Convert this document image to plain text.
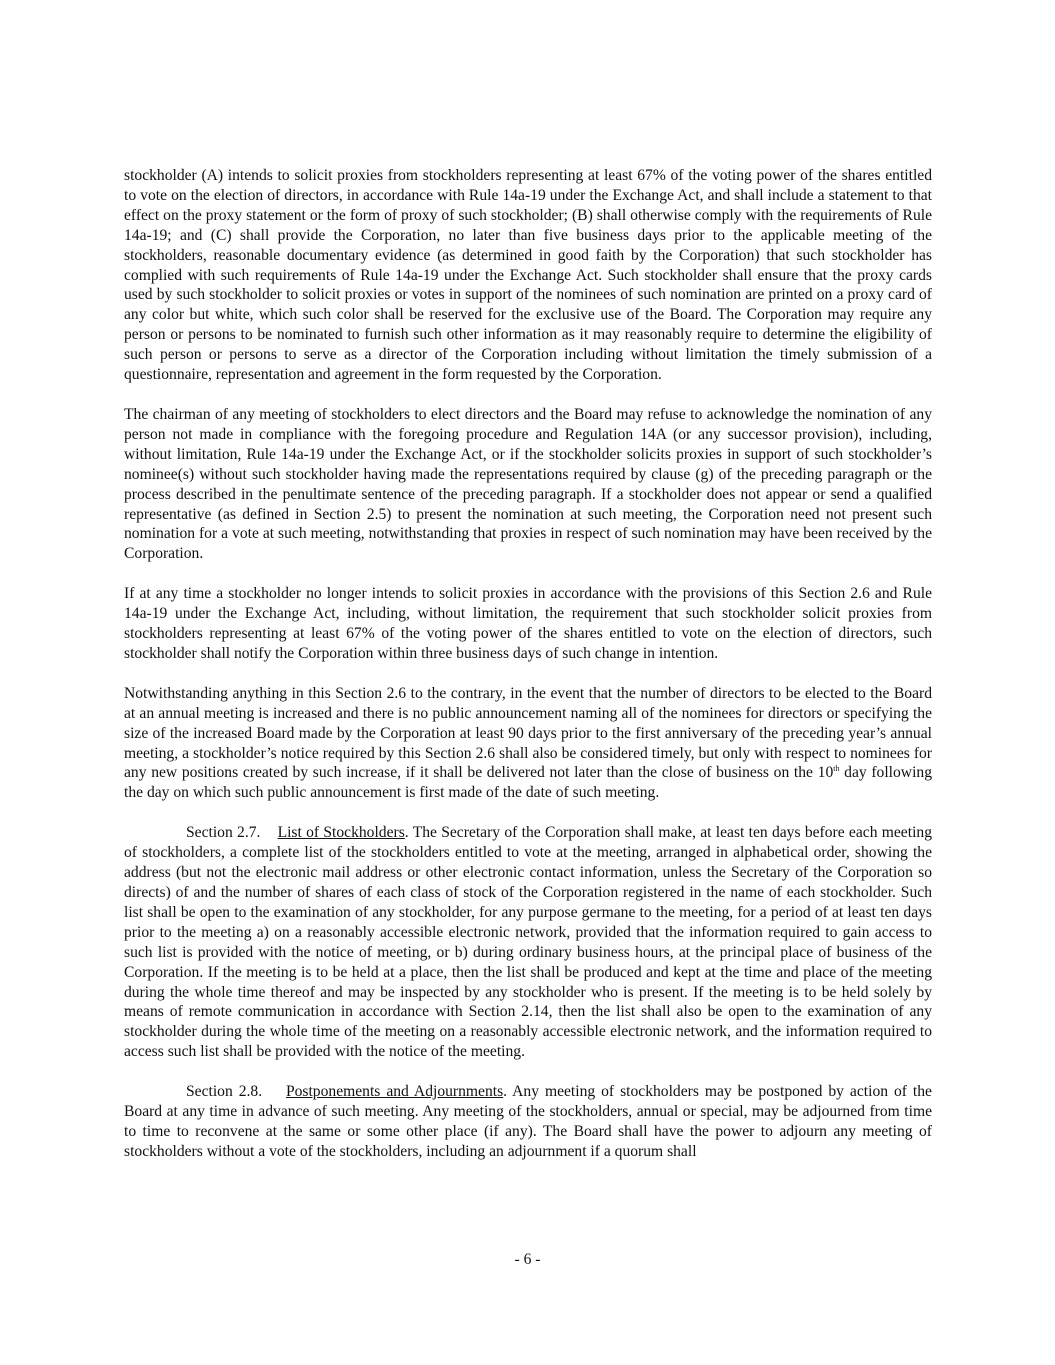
stockholder (A) intends to solicit proxies from stockholders representing at least 67% of the voting power of the shares entitled to vote on the election of directors, in accordance with Rule 14a-19 under the Exchange Act, and shall include a statement to that effect on the proxy statement or the form of proxy of such stockholder; (B) shall otherwise comply with the requirements of Rule 14a-19; and (C) shall provide the Corporation, no later than five business days prior to the applicable meeting of the stockholders, reasonable documentary evidence (as determined in good faith by the Corporation) that such stockholder has complied with such requirements of Rule 14a-19 under the Exchange Act. Such stockholder shall ensure that the proxy cards used by such stockholder to solicit proxies or votes in support of the nominees of such nomination are printed on a proxy card of any color but white, which such color shall be reserved for the exclusive use of the Board. The Corporation may require any person or persons to be nominated to furnish such other information as it may reasonably require to determine the eligibility of such person or persons to serve as a director of the Corporation including without limitation the timely submission of a questionnaire, representation and agreement in the form requested by the Corporation.

The chairman of any meeting of stockholders to elect directors and the Board may refuse to acknowledge the nomination of any person not made in compliance with the foregoing procedure and Regulation 14A (or any successor provision), including, without limitation, Rule 14a-19 under the Exchange Act, or if the stockholder solicits proxies in support of such stockholder’s nominee(s) without such stockholder having made the representations required by clause (g) of the preceding paragraph or the process described in the penultimate sentence of the preceding paragraph. If a stockholder does not appear or send a qualified representative (as defined in Section 2.5) to present the nomination at such meeting, the Corporation need not present such nomination for a vote at such meeting, notwithstanding that proxies in respect of such nomination may have been received by the Corporation.

If at any time a stockholder no longer intends to solicit proxies in accordance with the provisions of this Section 2.6 and Rule 14a-19 under the Exchange Act, including, without limitation, the requirement that such stockholder solicit proxies from stockholders representing at least 67% of the voting power of the shares entitled to vote on the election of directors, such stockholder shall notify the Corporation within three business days of such change in intention.

Notwithstanding anything in this Section 2.6 to the contrary, in the event that the number of directors to be elected to the Board at an annual meeting is increased and there is no public announcement naming all of the nominees for directors or specifying the size of the increased Board made by the Corporation at least 90 days prior to the first anniversary of the preceding year’s annual meeting, a stockholder’s notice required by this Section 2.6 shall also be considered timely, but only with respect to nominees for any new positions created by such increase, if it shall be delivered not later than the close of business on the 10th day following the day on which such public announcement is first made of the date of such meeting.

Section 2.7. List of Stockholders. The Secretary of the Corporation shall make, at least ten days before each meeting of stockholders, a complete list of the stockholders entitled to vote at the meeting, arranged in alphabetical order, showing the address (but not the electronic mail address or other electronic contact information, unless the Secretary of the Corporation so directs) of and the number of shares of each class of stock of the Corporation registered in the name of each stockholder. Such list shall be open to the examination of any stockholder, for any purpose germane to the meeting, for a period of at least ten days prior to the meeting a) on a reasonably accessible electronic network, provided that the information required to gain access to such list is provided with the notice of meeting, or b) during ordinary business hours, at the principal place of business of the Corporation. If the meeting is to be held at a place, then the list shall be produced and kept at the time and place of the meeting during the whole time thereof and may be inspected by any stockholder who is present. If the meeting is to be held solely by means of remote communication in accordance with Section 2.14, then the list shall also be open to the examination of any stockholder during the whole time of the meeting on a reasonably accessible electronic network, and the information required to access such list shall be provided with the notice of the meeting.

Section 2.8. Postponements and Adjournments. Any meeting of stockholders may be postponed by action of the Board at any time in advance of such meeting. Any meeting of the stockholders, annual or special, may be adjourned from time to time to reconvene at the same or some other place (if any). The Board shall have the power to adjourn any meeting of stockholders without a vote of the stockholders, including an adjournment if a quorum shall

- 6 -
